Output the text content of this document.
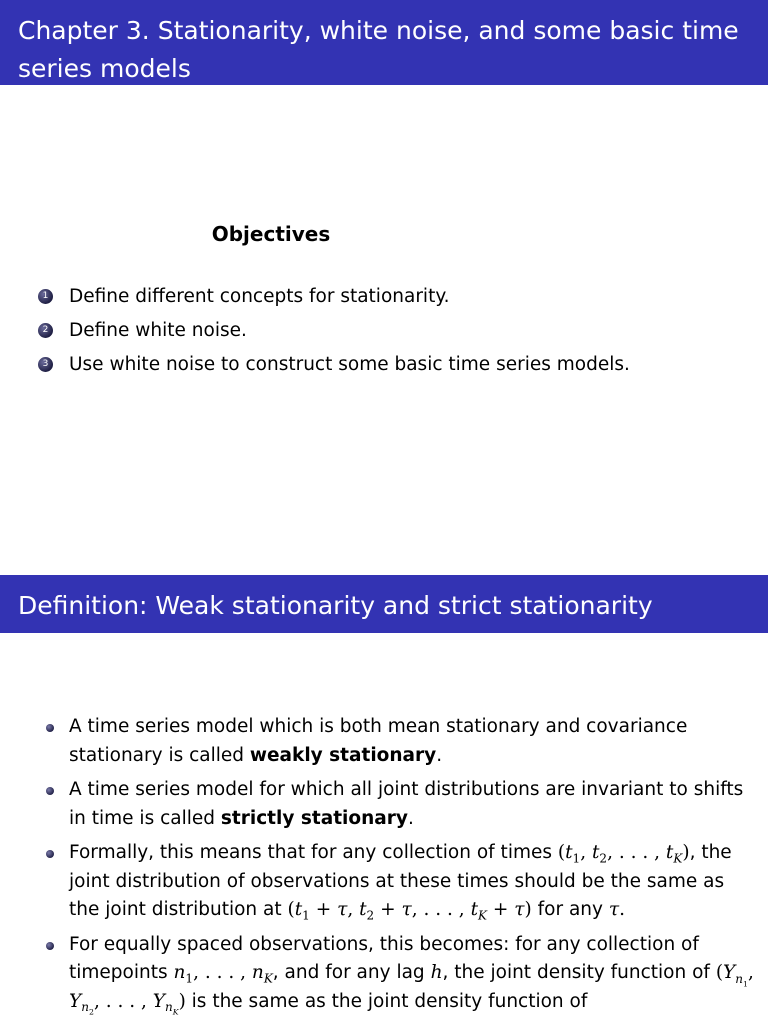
Chapter 3. Stationarity, white noise, and some basic time series models
Objectives
1 Define different concepts for stationarity.
2 Define white noise.
3 Use white noise to construct some basic time series models.
Definition: Weak stationarity and strict stationarity
A time series model which is both mean stationary and covariance stationary is called weakly stationary.
A time series model for which all joint distributions are invariant to shifts in time is called strictly stationary.
Formally, this means that for any collection of times ($t_1$, $t_2$, . . . , $t_K$), the joint distribution of observations at these times should be the same as the joint distribution at ($t_1 + \tau$, $t_2 + \tau$, . . . , $t_K + \tau$) for any τ.
For equally spaced observations, this becomes: for any collection of timepoints $n_1$, . . . , $n_K$, and for any lag h, the joint density function of ($Y_{n_1}$, $Y_{n_2}$, . . . , $Y_{n_K}$) is the same as the joint density function of
